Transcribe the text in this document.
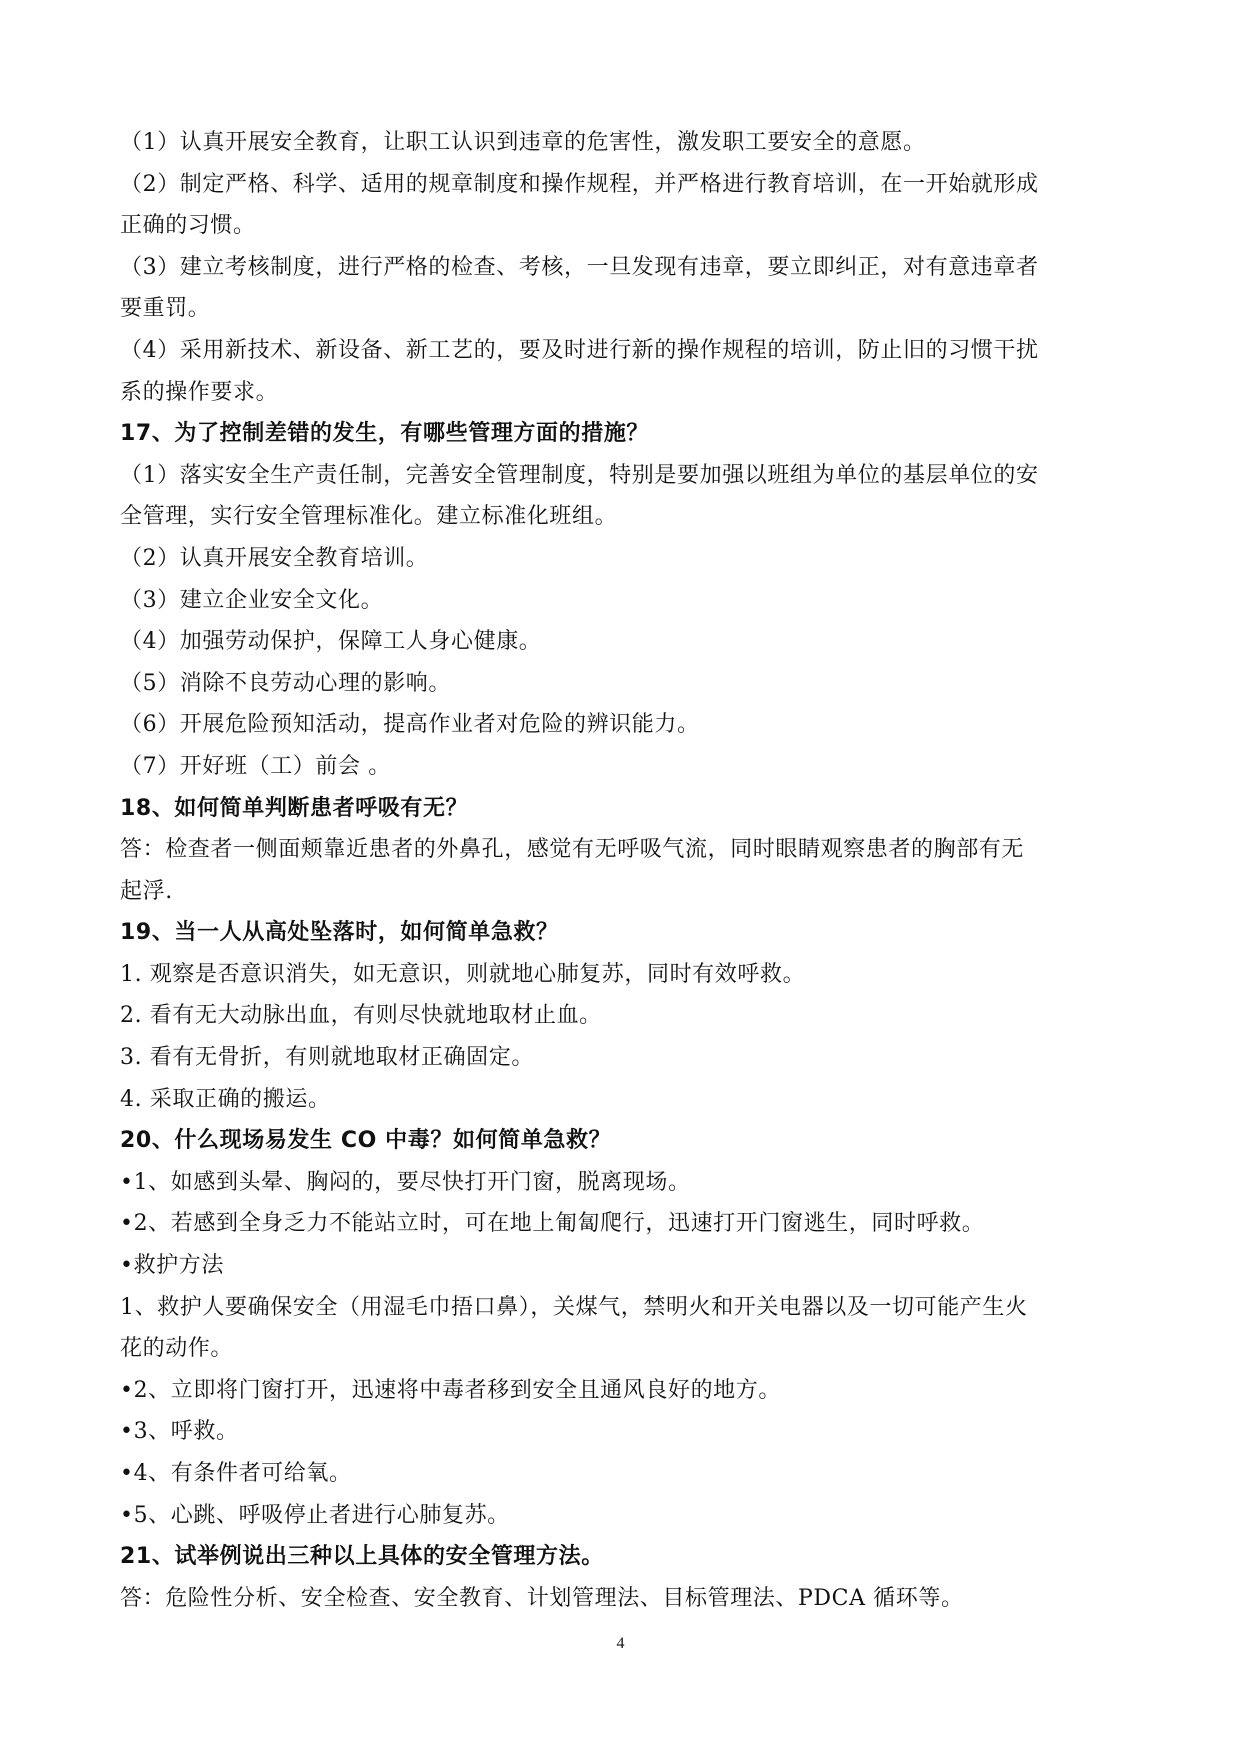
（1）认真开展安全教育，让职工认识到违章的危害性，激发职工要安全的意愿。
（2）制定严格、科学、适用的规章制度和操作规程，并严格进行教育培训，在一开始就形成
正确的习惯。
（3）建立考核制度，进行严格的检查、考核，一旦发现有违章，要立即纠正，对有意违章者
要重罚。
（4）采用新技术、新设备、新工艺的，要及时进行新的操作规程的培训，防止旧的习惯干扰
系的操作要求。
17、为了控制差错的发生，有哪些管理方面的措施？
（1）落实安全生产责任制，完善安全管理制度，特别是要加强以班组为单位的基层单位的安
全管理，实行安全管理标准化。建立标准化班组。
（2）认真开展安全教育培训。
（3）建立企业安全文化。
（4）加强劳动保护，保障工人身心健康。
（5）消除不良劳动心理的影响。
（6）开展危险预知活动，提高作业者对危险的辨识能力。
（7）开好班（工）前会 。
18、如何简单判断患者呼吸有无？
答：检查者一侧面颊靠近患者的外鼻孔，感觉有无呼吸气流，同时眼睛观察患者的胸部有无
起浮.
19、当一人从高处坠落时，如何简单急救？
1. 观察是否意识消失，如无意识，则就地心肺复苏，同时有效呼救。
2. 看有无大动脉出血，有则尽快就地取材止血。
3. 看有无骨折，有则就地取材正确固定。
4. 采取正确的搬运。
20、什么现场易发生 CO 中毒？如何简单急救？
•1、如感到头晕、胸闷的，要尽快打开门窗，脱离现场。
•2、若感到全身乏力不能站立时，可在地上匍匐爬行，迅速打开门窗逃生，同时呼救。
•救护方法
1、救护人要确保安全（用湿毛巾捂口鼻），关煤气，禁明火和开关电器以及一切可能产生火
花的动作。
•2、立即将门窗打开，迅速将中毒者移到安全且通风良好的地方。
•3、呼救。
•4、有条件者可给氧。
•5、心跳、呼吸停止者进行心肺复苏。
21、试举例说出三种以上具体的安全管理方法。
答：危险性分析、安全检查、安全教育、计划管理法、目标管理法、PDCA 循环等。
4
